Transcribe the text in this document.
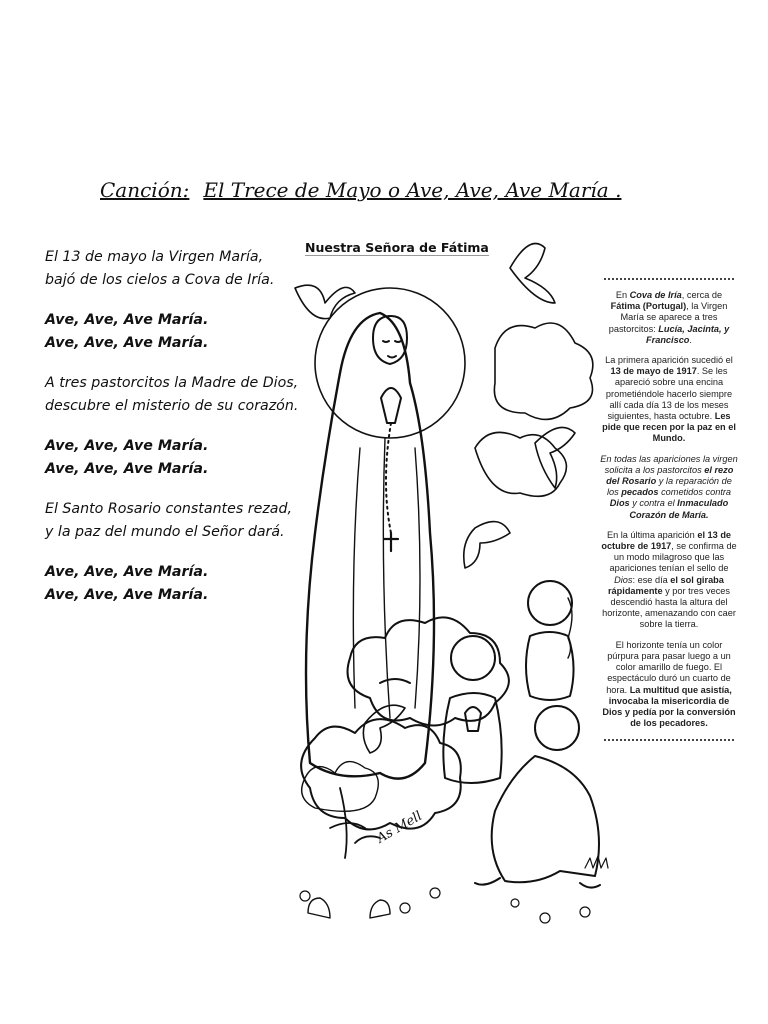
Canción: El Trece de Mayo o Ave, Ave, Ave María .
El 13 de mayo la Virgen María,
bajó de los cielos a Cova de Iría.
Ave, Ave, Ave María.
Ave, Ave, Ave María.
A tres pastorcitos la Madre de Dios,
descubre el misterio de su corazón.
Ave, Ave, Ave María.
Ave, Ave, Ave María.
El Santo Rosario constantes rezad,
y la paz del mundo el Señor dará.
Ave, Ave, Ave María.
Ave, Ave, Ave María.
As Mell
Nuestra Señora de Fátima

En Cova de Iría, cerca de Fátima (Portugal), la Virgen María se aparece a tres pastorcitos: Lucía, Jacinta, y Francisco.

La primera aparición sucedió el 13 de mayo de 1917. Se les apareció sobre una encina prometiéndole hacerlo siempre allí cada día 13 de los meses siguientes, hasta octubre. Les pide que recen por la paz en el Mundo.

En todas las apariciones la virgen solicita a los pastorcitos el rezo del Rosario y la reparación de los pecados cometidos contra Dios y contra el Inmaculado Corazón de María.

En la última aparición el 13 de octubre de 1917, se confirma de un modo milagroso que las apariciones tenían el sello de Dios: ese día el sol giraba rápidamente y por tres veces descendió hasta la altura del horizonte, amenazando con caer sobre la tierra.

El horizonte tenía un color púrpura para pasar luego a un color amarillo de fuego. El espectáculo duró un cuarto de hora. La multitud que asistía, invocaba la misericordia de Dios y pedía por la conversión de los pecadores.
